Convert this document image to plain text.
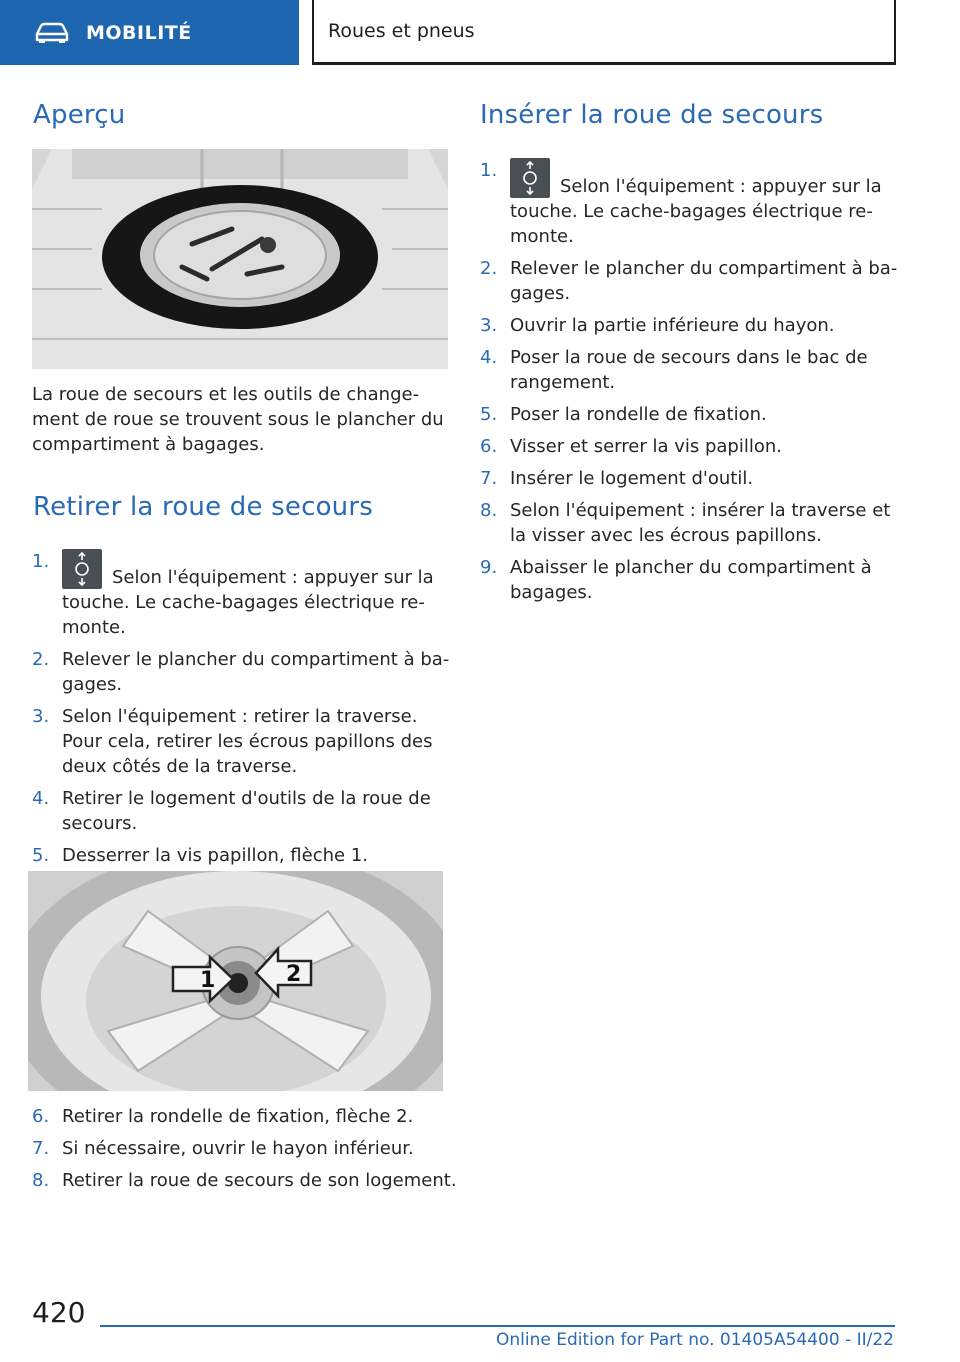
MOBILITÉ	Roues et pneus
Aperçu

La roue de secours et les outils de change-ment de roue se trouvent sous le plancher du compartiment à bagages.

Retirer la roue de secours
1.
Selon l'équipement : appuyer sur la touche. Le cache-bagages électrique re-monte.
2. Relever le plancher du compartiment à ba-gages.
3. Selon l'équipement : retirer la traverse. Pour cela, retirer les écrous papillons des deux côtés de la traverse.
4. Retirer le logement d'outils de la roue de secours.
5. Desserrer la vis papillon, flèche 1.
1	2
6. Retirer la rondelle de fixation, flèche 2.
7. Si nécessaire, ouvrir le hayon inférieur.
8. Retirer la roue de secours de son logement.
Insérer la roue de secours
1.
Selon l'équipement : appuyer sur la touche. Le cache-bagages électrique re-monte.
2. Relever le plancher du compartiment à ba-gages.
3. Ouvrir la partie inférieure du hayon.
4. Poser la roue de secours dans le bac de rangement.
5. Poser la rondelle de fixation.
6. Visser et serrer la vis papillon.
7. Insérer le logement d'outil.
8. Selon l'équipement : insérer la traverse et la visser avec les écrous papillons.
9. Abaisser le plancher du compartiment à bagages.
420
Online Edition for Part no. 01405A54400 - II/22
